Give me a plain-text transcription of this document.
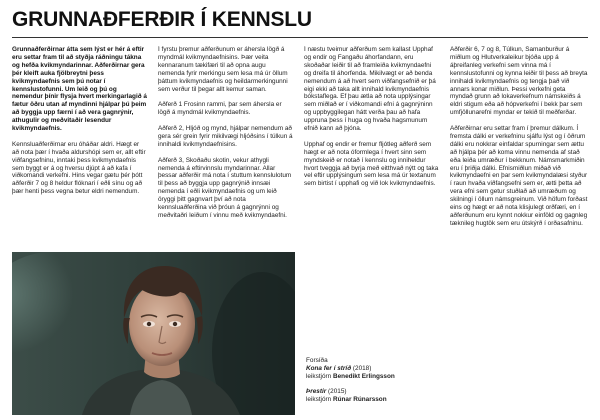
GRUNNAÐFERÐIR Í KENNSLU

Grunnaðferðirnar átta sem lýst er hér á eftir eru settar fram til að styðja ráðningu tákna og hefða kvikmyndarinnar. Aðferðirnar gera þér kleift auka fjölbreytni þess kvikmyndaefnis sem þú notar í kennslustofunni. Um leið og þú og nemendur þínir flysja hvert merkingarlagið á fætur öðru utan af myndinni hjálpar þú þeim að byggja upp færni í að vera gagnrýnir, athugulir og meðvitaðir lesendur kvikmyndaefnis.

Kennsluaðferðirnar eru óháðar aldri. Hægt er að nota þær í hvaða aldurshópi sem er, allt eftir viðfangsefninu, inntaki þess kvikmyndaefnis sem byggt er á og hversu djúpt á að kafa í viðkomandi verkefni. Hins vegar gætu þér þótt aðferðir 7 og 8 heldur flóknari í eðli sínu og að þær henti þess vegna betur eldri nemendum.

Í fyrstu þremur aðferðunum er áhersla lögð á myndmál kvikmyndaefnisins. Þær veita kennaranum tækifæri til að opna augu nemenda fyrir merkingu sem lesa má úr öllum þáttum kvikmyndaefnis og heildarmerkingunni sem verður til þegar allt kemur saman.

Aðferð 1 Frosinn rammi, þar sem áhersla er lögð á myndmál kvikmyndaefnis.

Aðferð 2, Hljóð og mynd, hjálpar nemendum að gera sér grein fyrir mikilvægi hljóðsins í túlkun á innihaldi kvikmyndaefnisins.

Aðferð 3, Skoðaðu skotin, vekur athygli nemenda á eftirvinnslu myndarinnar. Allar þessar aðferðir má nota í stuttum kennslulotum til þess að byggja upp gagnrýnið innsæi nemenda í eðli kvikmyndaefnis og um leið öryggi þitt gagnvart því að nota kennsluaðferðina við þróun á gagnrýnni og meðvitaðri leiðum í vinnu með kvikmyndaefni.

Í næstu tveimur aðferðum sem kallast Upphaf og endir og Fangaðu áhorfandann, eru skoðaðar leiðir til að framleiða kvikmyndaefni og dreifa til áhorfenda. Mikilvægt er að benda nemendum á að hvert sem viðfangsefnið er þá eigi ekki að taka allt innihald kvikmyndaefnis bókstaflega. Ef þau ætla að nota upplýsingar sem miðlað er í viðkomandi efni á gagnrýninn og uppbyggilegan hátt verða þau að hafa uppruna þess í huga og hvaða hagsmunum efnið kann að þjóna.

Upphaf og endir er fremur fljótleg aðferð sem hægt er að nota óformlega í hvert sinn sem myndskeið er notað í kennslu og inniheldur hvort tveggja að byrja með eitthvað nýtt og taka vel eftir upplýsingum sem lesa má úr textanum sem birtist í upphafi og við lok kvikmyndaefnis.

Aðferðir 6, 7 og 8, Túlkun, Samanburður á miðlum og Hlutverkaleikur bjóða upp á áþreifanleg verkefni sem vinna má í kennslustofunni og kynna leiðir til þess að breyta innihaldi kvikmyndaefnis og tengja það við annars konar miðlun. Þessi verkefni geta myndað grunn að lokaverkefnum námskeiðs á eldri stigum eða að hópverkefni í bekk þar sem umfjöllunarefni myndar er tekið til meðferðar.

Aðferðirnar eru settar fram í þremur dálkum. Í fremsta dálki er verkefninu sjálfu lýst og í öðrum dálki eru nokkrar einfaldar spurningar sem ættu að hjálpa þér að koma vinnu nemenda af stað eða leiða umræður í bekknum. Námsmarkmiðin eru í þriðja dálki. Efnismiðlun miðað við kvikmyndaefni en þar sem kvikmyndalæsi styður í raun hvaða viðfangsefni sem er, ætti þetta að vera efni sem getur stuðlað að umræðum og skilningi í öllum námsgreinum. Við höfum forðast eins og hægt er að nota klisjulegt orðfæri, en í aðferðunum eru kynnt nokkur einföld og gagnleg tæknileg hugtök sem eru útskýrð í orðasafninu.

Forsíða
Kona fer í stríð (2018)
leikstjórn Benedikt Erlingsson
Þrestir (2015)
leikstjórn Rúnar Rúnarsson
